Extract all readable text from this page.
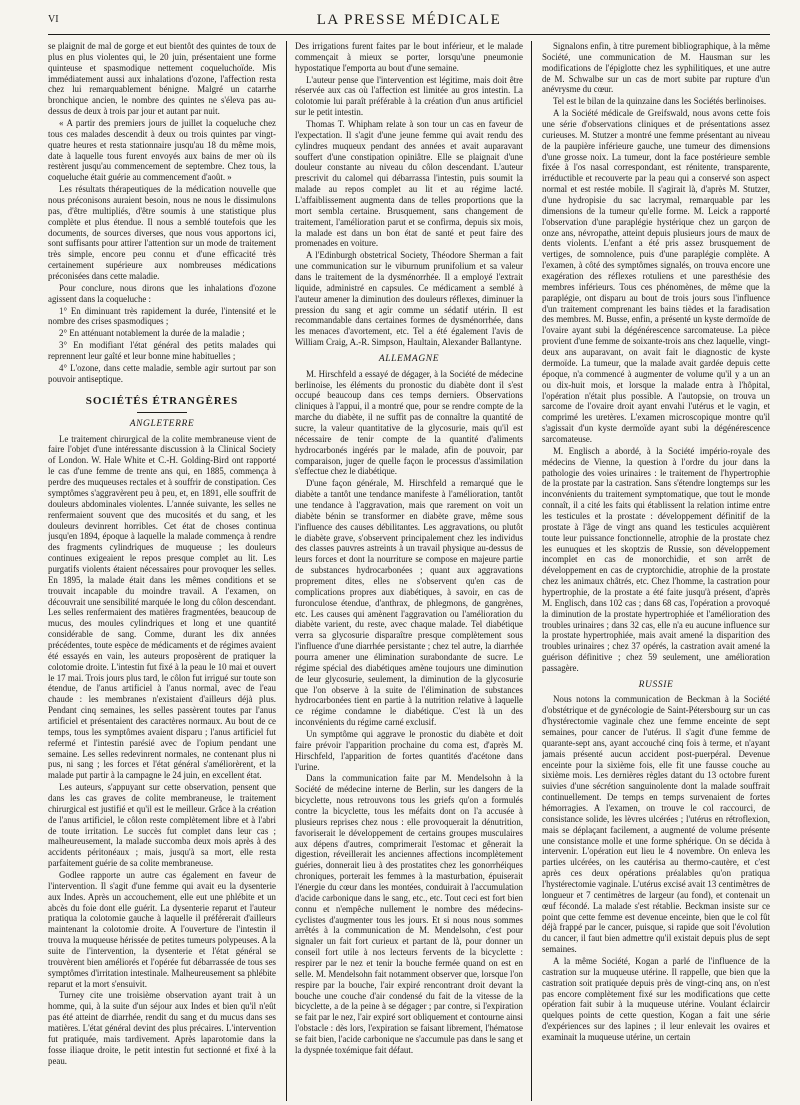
VI	LA PRESSE MÉDICALE

se plaignit de mal de gorge et eut bientôt des quintes de toux de plus en plus violentes qui, le 20 juin, présentaient une forme quinteuse et spasmodique nettement coqueluchoïde. Mis immédiatement aussi aux inhalations d'ozone, l'affection resta chez lui remarquablement bénigne. Malgré un catarrhe bronchique ancien, le nombre des quintes ne s'éleva pas au-dessus de deux à trois par jour et autant par nuit.

« A partir des premiers jours de juillet la coqueluche chez tous ces malades descendit à deux ou trois quintes par vingt-quatre heures et resta stationnaire jusqu'au 18 du même mois, date à laquelle tous furent envoyés aux bains de mer où ils restèrent jusqu'au commencement de septembre. Chez tous, la coqueluche était guérie au commencement d'août. »

Les résultats thérapeutiques de la médication nouvelle que nous préconisons auraient besoin, nous ne nous le dissimulons pas, d'être multipliés, d'être soumis à une statistique plus complète et plus étendue. Il nous a semblé toutefois que les documents, de sources diverses, que nous vous apportons ici, sont suffisants pour attirer l'attention sur un mode de traitement très simple, encore peu connu et d'une efficacité très certainement supérieure aux nombreuses médications préconisées dans cette maladie.

Pour conclure, nous dirons que les inhalations d'ozone agissent dans la coqueluche :

1° En diminuant très rapidement la durée, l'intensité et le nombre des crises spasmodiques ;

2° En atténuant notablement la durée de la maladie ;

3° En modifiant l'état général des petits malades qui reprennent leur gaîté et leur bonne mine habituelles ;

4° L'ozone, dans cette maladie, semble agir surtout par son pouvoir antiseptique.

SOCIÉTÉS ÉTRANGÈRES
ANGLETERRE

Le traitement chirurgical de la colite membraneuse vient de faire l'objet d'une intéressante discussion à la Clinical Society of London. W. Hale White et C.-H. Golding-Bird ont rapporté le cas d'une femme de trente ans qui, en 1885, commença à perdre des muqueuses rectales et à souffrir de constipation. Ces symptômes s'aggravèrent peu à peu, et, en 1891, elle souffrit de douleurs abdominales violentes. L'année suivante, les selles ne renfermaient souvent que des mucosités et du sang, et les douleurs devinrent horribles. Cet état de choses continua jusqu'en 1894, époque à laquelle la malade commença à rendre des fragments cylindriques de muqueuse ; les douleurs continues exigeaient le repos presque complet au lit. Les purgatifs violents étaient nécessaires pour provoquer les selles. En 1895, la malade était dans les mêmes conditions et se trouvait incapable du moindre travail. A l'examen, on découvrait une sensibilité marquée le long du côlon descendant. Les selles renfermaient des matières fragmentées, beaucoup de mucus, des moules cylindriques et long et une quantité considérable de sang. Comme, durant les dix années précédentes, toute espèce de médicaments et de régimes avaient été essayés en vain, les auteurs proposèrent de pratiquer la colotomie droite. L'intestin fut fixé à la peau le 10 mai et ouvert le 17 mai. Trois jours plus tard, le côlon fut irrigué sur toute son étendue, de l'anus artificiel à l'anus normal, avec de l'eau chaude : les membranes n'existaient d'ailleurs déjà plus. Pendant cinq semaines, les selles passèrent toutes par l'anus artificiel et présentaient des caractères normaux. Au bout de ce temps, tous les symptômes avaient disparu ; l'anus artificiel fut refermé et l'intestin parésié avec de l'opium pendant une semaine. Les selles redevinrent normales, ne contenant plus ni pus, ni sang ; les forces et l'état général s'améliorèrent, et la malade put partir à la campagne le 24 juin, en excellent état.

Les auteurs, s'appuyant sur cette observation, pensent que dans les cas graves de colite membraneuse, le traitement chirurgical est justifié et qu'il est le meilleur. Grâce à la création de l'anus artificiel, le côlon reste complètement libre et à l'abri de toute irritation. Le succès fut complet dans leur cas ; malheureusement, la malade succomba deux mois après à des accidents péritonéaux ; mais, jusqu'à sa mort, elle resta parfaitement guérie de sa colite membraneuse.

Godlee rapporte un autre cas également en faveur de l'intervention. Il s'agit d'une femme qui avait eu la dysenterie aux Indes. Après un accouchement, elle eut une phlébite et un abcès du foie dont elle guérit. La dysenterie reparut et l'auteur pratiqua la colotomie gauche à laquelle il préférerait d'ailleurs maintenant la colotomie droite. A l'ouverture de l'intestin il trouva la muqueuse hérissée de petites tumeurs polypeuses. A la suite de l'intervention, la dysenterie et l'état général se trouvèrent bien améliorés et l'opérée fut débarrassée de tous ses symptômes d'irritation intestinale. Malheureusement sa phlébite reparut et la mort s'ensuivit.

Turney cite une troisième observation ayant trait à un homme, qui, à la suite d'un séjour aux Indes et bien qu'il n'eût pas été atteint de diarrhée, rendit du sang et du mucus dans ses matières. L'état général devint des plus précaires. L'intervention fut pratiquée, mais tardivement. Après laparotomie dans la fosse iliaque droite, le petit intestin fut sectionné et fixé à la peau.

Des irrigations furent faites par le bout inférieur, et le malade commençait à mieux se porter, lorsqu'une pneumonie hypostatique l'emporta au bout d'une semaine.

L'auteur pense que l'intervention est légitime, mais doit être réservée aux cas où l'affection est limitée au gros intestin. La colotomie lui paraît préférable à la création d'un anus artificiel sur le petit intestin.

Thomas T. Whipham relate à son tour un cas en faveur de l'expectation. Il s'agit d'une jeune femme qui avait rendu des cylindres muqueux pendant des années et avait auparavant souffert d'une constipation opiniâtre. Elle se plaignait d'une douleur constante au niveau du côlon descendant. L'auteur prescrivit du calomel qui débarrassa l'intestin, puis soumit la malade au repos complet au lit et au régime lacté. L'affaiblissement augmenta dans de telles proportions que la mort sembla certaine. Brusquement, sans changement de traitement, l'amélioration parut et se confirma, depuis six mois, la malade est dans un bon état de santé et peut faire des promenades en voiture.

A l'Edinburgh obstetrical Society, Théodore Sherman a fait une communication sur le viburnum prunifolium et sa valeur dans le traitement de la dysménorrhée. Il a employé l'extrait liquide, administré en capsules. Ce médicament a semblé à l'auteur amener la diminution des douleurs réflexes, diminuer la pression du sang et agir comme un sédatif utérin. Il est recommandable dans certaines formes de dysménorrhée, dans les menaces d'avortement, etc. Tel a été également l'avis de William Craig, A.-R. Simpson, Haultain, Alexander Ballantyne.

ALLEMAGNE

M. Hirschfeld a essayé de dégager, à la Société de médecine berlinoise, les éléments du pronostic du diabète dont il s'est occupé beaucoup dans ces temps derniers. Observations cliniques à l'appui, il a montré que, pour se rendre compte de la marche du diabète, il ne suffit pas de connaître la quantité de sucre, la valeur quantitative de la glycosurie, mais qu'il est nécessaire de tenir compte de la quantité d'aliments hydrocarbonés ingérés par le malade, afin de pouvoir, par comparaison, juger de quelle façon le processus d'assimilation s'effectue chez le diabétique.

D'une façon générale, M. Hirschfeld a remarqué que le diabète a tantôt une tendance manifeste à l'amélioration, tantôt une tendance à l'aggravation, mais que rarement on voit un diabète bénin se transformer en diabète grave, même sous l'influence des causes débilitantes. Les aggravations, ou plutôt le diabète grave, s'observent principalement chez les individus des classes pauvres astreints à un travail physique au-dessus de leurs forces et dont la nourriture se compose en majeure partie de substances hydrocarbonées ; quant aux aggravations proprement dites, elles ne s'observent qu'en cas de complications propres aux diabétiques, à savoir, en cas de furonculose étendue, d'anthrax, de phlegmons, de gangrènes, etc. Les causes qui amènent l'aggravation ou l'amélioration du diabète varient, du reste, avec chaque malade. Tel diabétique verra sa glycosurie disparaître presque complètement sous l'influence d'une diarrhée persistante ; chez tel autre, la diarrhée pourra amener une élimination surabondante de sucre. Le régime spécial des diabétiques amène toujours une diminution de leur glycosurie, seulement, la diminution de la glycosurie que l'on observe à la suite de l'élimination de substances hydrocarbonées tient en partie à la nutrition relative à laquelle ce régime condamne le diabétique. C'est là un des inconvénients du régime carné exclusif.

Un symptôme qui aggrave le pronostic du diabète et doit faire prévoir l'apparition prochaine du coma est, d'après M. Hirschfeld, l'apparition de fortes quantités d'acétone dans l'urine.

Dans la communication faite par M. Mendelsohn à la Société de médecine interne de Berlin, sur les dangers de la bicyclette, nous retrouvons tous les griefs qu'on a formulés contre la bicyclette, tous les méfaits dont on l'a accusée à plusieurs reprises chez nous : elle provoquerait la dénutrition, favoriserait le développement de certains groupes musculaires aux dépens d'autres, comprimerait l'estomac et gênerait la digestion, réveillerait les anciennes affections incomplètement guéries, donnerait lieu à des prostatites chez les gonorrhéiques chroniques, porterait les femmes à la masturbation, épuiserait l'énergie du cœur dans les montées, conduirait à l'accumulation d'acide carbonique dans le sang, etc., etc. Tout ceci est fort bien connu et n'empêche nullement le nombre des médecins-cyclistes d'augmenter tous les jours. Et si nous nous sommes arrêtés à la communication de M. Mendelsohn, c'est pour signaler un fait fort curieux et partant de là, pour donner un conseil fort utile à nos lecteurs fervents de la bicyclette : respirer par le nez et tenir la bouche fermée quand on est en selle. M. Mendelsohn fait notamment observer que, lorsque l'on respire par la bouche, l'air expiré rencontrant droit devant la bouche une couche d'air condensé du fait de la vitesse de la bicyclette, a de la peine à se dégager ; par contre, si l'expiration se fait par le nez, l'air expiré sort obliquement et contourne ainsi l'obstacle : dès lors, l'expiration se faisant librement, l'hématose se fait bien, l'acide carbonique ne s'accumule pas dans le sang et la dyspnée toxémique fait défaut.

Signalons enfin, à titre purement bibliographique, à la même Société, une communication de M. Hausman sur les modifications de l'épiglotte chez les syphilitiques, et une autre de M. Schwalbe sur un cas de mort subite par rupture d'un anévrysme du cœur.

Tel est le bilan de la quinzaine dans les Sociétés berlinoises.

A la Société médicale de Greifswald, nous avons cette fois une série d'observations cliniques et de présentations assez curieuses. M. Stutzer a montré une femme présentant au niveau de la paupière inférieure gauche, une tumeur des dimensions d'une grosse noix. La tumeur, dont la face postérieure semble fixée à l'os nasal correspondant, est rénitente, transparente, irréductible et recouverte par la peau qui a conservé son aspect normal et est restée mobile. Il s'agirait là, d'après M. Stutzer, d'une hydropisie du sac lacrymal, remarquable par les dimensions de la tumeur qu'elle forme. M. Leick a rapporté l'observation d'une paraplégie hystérique chez un garçon de onze ans, névropathe, atteint depuis plusieurs jours de maux de dents violents. L'enfant a été pris assez brusquement de vertiges, de somnolence, puis d'une paraplégie complète. A l'examen, à côté des symptômes signalés, on trouva encore une exagération des réflexes rotuliens et une paresthésie des membres inférieurs. Tous ces phénomènes, de même que la paraplégie, ont disparu au bout de trois jours sous l'influence d'un traitement comprenant les bains tièdes et la faradisation des membres. M. Busse, enfin, a présenté un kyste dermoïde de l'ovaire ayant subi la dégénérescence sarcomateuse. La pièce provient d'une femme de soixante-trois ans chez laquelle, vingt-deux ans auparavant, on avait fait le diagnostic de kyste dermoïde. La tumeur, que la malade avait gardée depuis cette époque, n'a commencé à augmenter de volume qu'il y a un an ou dix-huit mois, et lorsque la malade entra à l'hôpital, l'opération n'était plus possible. A l'autopsie, on trouva un sarcome de l'ovaire droit ayant envahi l'utérus et le vagin, et comprimé les uretères. L'examen microscopique montre qu'il s'agissait d'un kyste dermoïde ayant subi la dégénérescence sarcomateuse.

M. Englisch a abordé, à la Société império-royale des médecins de Vienne, la question à l'ordre du jour dans la pathologie des voies urinaires : le traitement de l'hypertrophie de la prostate par la castration. Sans s'étendre longtemps sur les inconvénients du traitement symptomatique, que tout le monde connaît, il a cité les faits qui établissent la relation intime entre les testicules et la prostate : développement définitif de la prostate à l'âge de vingt ans quand les testicules acquièrent toute leur puissance fonctionnelle, atrophie de la prostate chez les eunuques et les skoptzis de Russie, son développement incomplet en cas de monorchidie, et son arrêt de développement en cas de cryptorchidie, atrophie de la prostate chez les animaux châtrés, etc. Chez l'homme, la castration pour hypertrophie, de la prostate a été faite jusqu'à présent, d'après M. Englisch, dans 102 cas ; dans 68 cas, l'opération a provoqué la diminution de la prostate hypertrophiée et l'amélioration des troubles urinaires ; dans 32 cas, elle n'a eu aucune influence sur la prostate hypertrophiée, mais avait amené la disparition des troubles urinaires ; chez 37 opérés, la castration avait amené la guérison définitive ; chez 59 seulement, une amélioration passagère.

RUSSIE

Nous notons la communication de Beckman à la Société d'obstétrique et de gynécologie de Saint-Pétersbourg sur un cas d'hystérectomie vaginale chez une femme enceinte de sept semaines, pour cancer de l'utérus. Il s'agit d'une femme de quarante-sept ans, ayant accouché cinq fois à terme, et n'ayant jamais présenté aucun accident post-puerpéral. Devenue enceinte pour la sixième fois, elle fit une fausse couche au sixième mois. Les dernières règles datant du 13 octobre furent suivies d'une sécrétion sanguinolente dont la malade souffrait continuellement. De temps en temps survenaient de fortes hémorragies. A l'examen, on trouve le col raccourci, de consistance solide, les lèvres ulcérées ; l'utérus en rétroflexion, mais se déplaçant facilement, a augmenté de volume présente une consistance molle et une forme sphérique. On se décida à intervenir. L'opération eut lieu le 4 novembre. On enleva les parties ulcérées, on les cautérisa au thermo-cautère, et c'est après ces deux opérations préalables qu'on pratiqua l'hystérectomie vaginale. L'utérus excisé avait 13 centimètres de longueur et 7 centimètres de largeur (au fond), et contenait un œuf fécondé. La malade s'est rétablie. Beckman insiste sur ce point que cette femme est devenue enceinte, bien que le col fût déjà frappé par le cancer, puisque, si rapide que soit l'évolution du cancer, il faut bien admettre qu'il existait depuis plus de sept semaines.

A la même Société, Kogan a parlé de l'influence de la castration sur la muqueuse utérine. Il rappelle, que bien que la castration soit pratiquée depuis près de vingt-cinq ans, on n'est pas encore complètement fixé sur les modifications que cette opération fait subir à la muqueuse utérine. Voulant éclaircir quelques points de cette question, Kogan a fait une série d'expériences sur des lapines ; il leur enlevait les ovaires et examinait la muqueuse utérine, un certain
